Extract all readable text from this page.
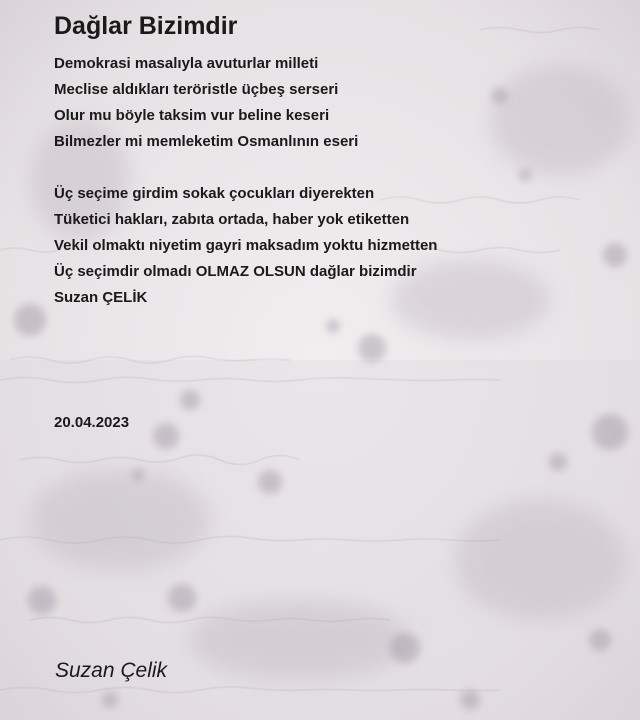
Dağlar Bizimdir
Demokrasi masalıyla avuturlar milleti
Meclise aldıkları teröristle üçbeş serseri
Olur mu böyle taksim vur beline keseri
Bilmezler mi memleketim Osmanlının eseri
Üç seçime girdim sokak çocukları diyerekten
Tüketici hakları, zabıta ortada, haber yok etiketten
Vekil olmaktı niyetim gayri maksadım yoktu hizmetten
Üç seçimdir olmadı OLMAZ OLSUN dağlar bizimdir
Suzan ÇELİK
20.04.2023
Suzan Çelik
